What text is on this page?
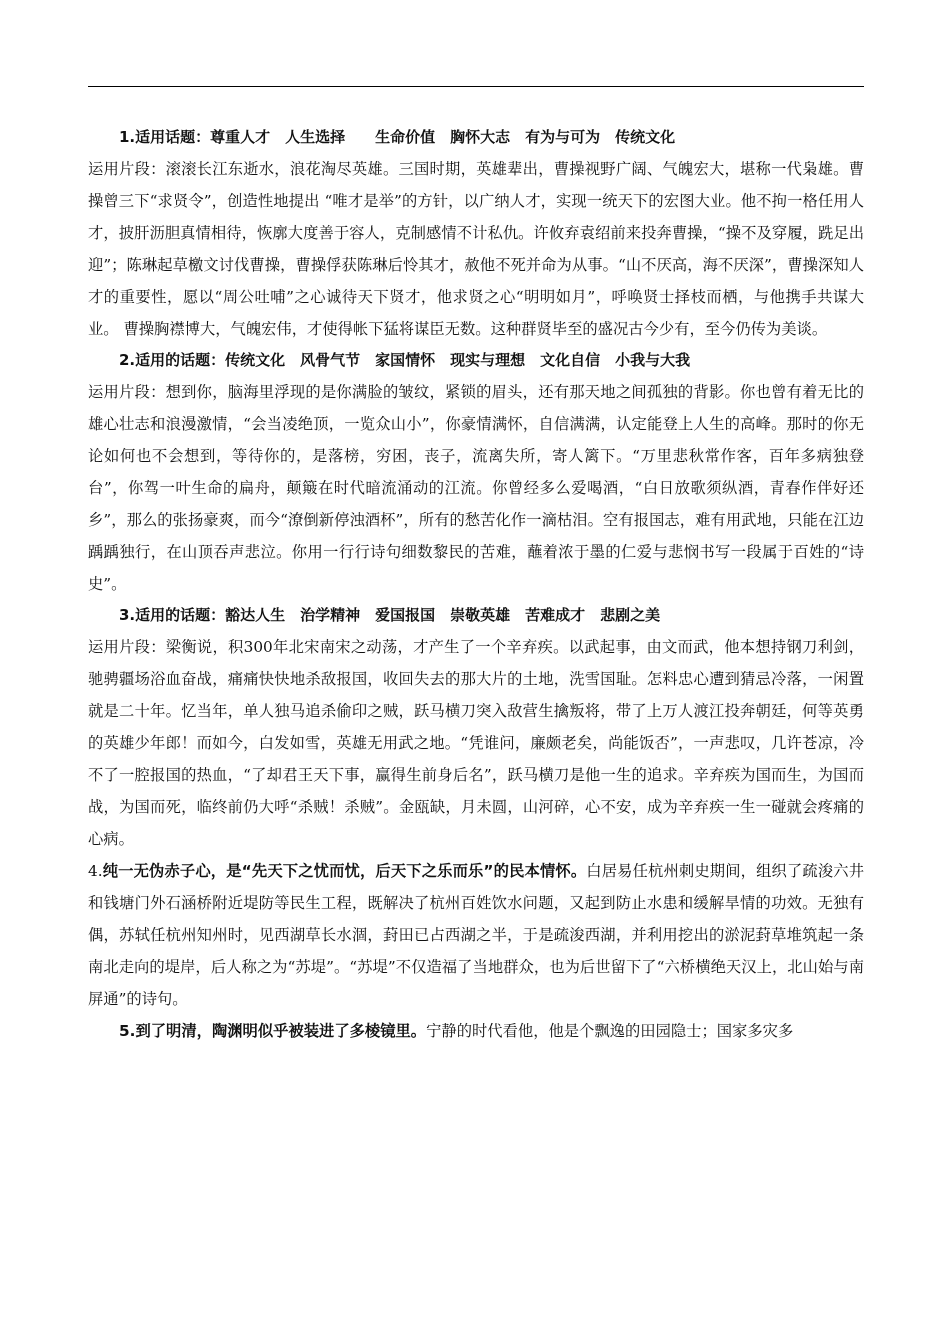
1.适用话题：尊重人才　人生选择　　生命价值　胸怀大志　有为与可为　传统文化
运用片段：滚滚长江东逝水，浪花淘尽英雄。三国时期，英雄辈出，曹操视野广阔、气魄宏大，堪称一代枭雄。曹操曾三下“求贤令”，创造性地提出 “唯才是举”的方针，以广纳人才，实现一统天下的宏图大业。他不拘一格任用人才，披肝沥胆真情相待，恢廓大度善于容人，克制感情不计私仇。许攸弃袁绍前来投奔曹操，“操不及穿履，跣足出迎”；陈琳起草檄文讨伐曹操，曹操俘获陈琳后怜其才，赦他不死并命为从事。“山不厌高，海不厌深”，曹操深知人才的重要性，愿以“周公吐哺”之心诚待天下贤才，他求贤之心“明明如月”，呼唤贤士择枝而栖，与他携手共谋大业。 曹操胸襟博大，气魄宏伟，才使得帐下猛将谋臣无数。这种群贤毕至的盛况古今少有，至今仍传为美谈。
2.适用的话题：传统文化　风骨气节　家国情怀　现实与理想　文化自信　小我与大我
运用片段：想到你，脑海里浮现的是你满脸的皱纹，紧锁的眉头，还有那天地之间孤独的背影。你也曾有着无比的雄心壮志和浪漫激情，“会当凌绝顶，一览众山小”，你豪情满怀，自信满满，认定能登上人生的高峰。那时的你无论如何也不会想到，等待你的，是落榜，穷困，丧子，流离失所，寄人篱下。“万里悲秋常作客，百年多病独登台”，你驾一叶生命的扁舟，颠簸在时代暗流涌动的江流。你曾经多么爱喝酒，“白日放歌须纵酒，青春作伴好还乡”，那么的张扬豪爽，而今“潦倒新停浊酒杯”，所有的愁苦化作一滴枯泪。空有报国志，难有用武地，只能在江边踽踽独行，在山顶吞声悲泣。你用一行行诗句细数黎民的苦难，蘸着浓于墨的仁爱与悲悯书写一段属于百姓的“诗史”。
3.适用的话题：豁达人生　治学精神　爱国报国　崇敬英雄　苦难成才　悲剧之美
运用片段：梁衡说，积300年北宋南宋之动荡，才产生了一个辛弃疾。以武起事，由文而武，他本想持钢刀利剑，驰骋疆场浴血奋战，痛痛快快地杀敌报国，收回失去的那大片的土地，洗雪国耻。怎料忠心遭到猜忌冷落，一闲置就是二十年。忆当年，单人独马追杀偷印之贼，跃马横刀突入敌营生擒叛将，带了上万人渡江投奔朝廷，何等英勇的英雄少年郎！而如今，白发如雪，英雄无用武之地。“凭谁问，廉颇老矣，尚能饭否”，一声悲叹，几许苍凉，冷不了一腔报国的热血，“了却君王天下事，赢得生前身后名”，跃马横刀是他一生的追求。辛弃疾为国而生，为国而战，为国而死，临终前仍大呼“杀贼！杀贼”。金瓯缺，月未圆，山河碎，心不安，成为辛弃疾一生一碰就会疼痛的心病。
4.纯一无伪赤子心，是“先天下之忧而忧，后天下之乐而乐”的民本情怀。白居易任杭州刺史期间，组织了疏浚六井和钱塘门外石涵桥附近堤防等民生工程，既解决了杭州百姓饮水问题，又起到防止水患和缓解旱情的功效。无独有偶，苏轼任杭州知州时，见西湖草长水涸，葑田已占西湖之半，于是疏浚西湖，并利用挖出的淤泥葑草堆筑起一条南北走向的堤岸，后人称之为“苏堤”。“苏堤”不仅造福了当地群众，也为后世留下了“六桥横绝天汉上，北山始与南屏通”的诗句。
5.到了明清，陶渊明似乎被装进了多棱镜里。宁静的时代看他，他是个飘逸的田园隐士；国家多灾多
